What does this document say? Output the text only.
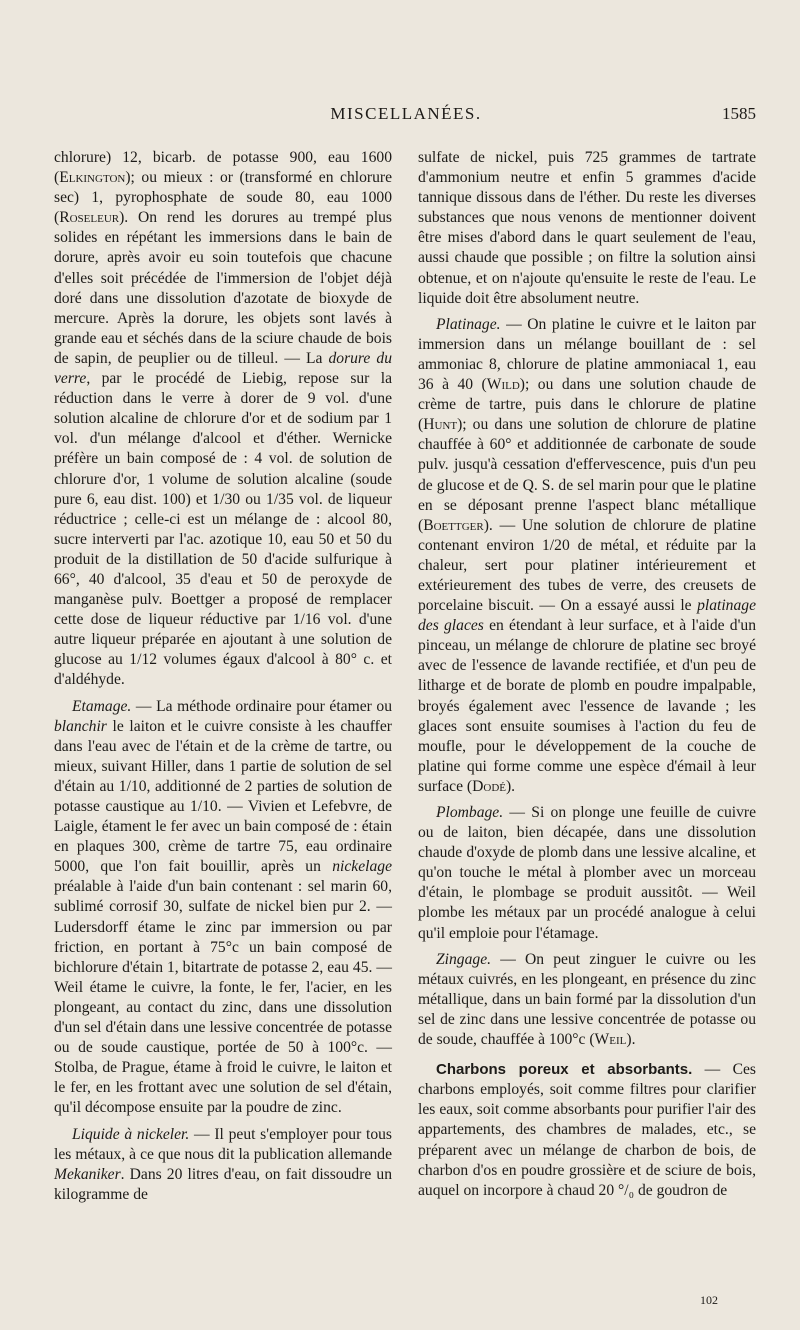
MISCELLANÉES.	1585

chlorure) 12, bicarb. de potasse 900, eau 1600 (Elkington); ou mieux : or (transformé en chlorure sec) 1, pyrophosphate de soude 80, eau 1000 (Roseleur). On rend les dorures au trempé plus solides en répétant les immersions dans le bain de dorure, après avoir eu soin toutefois que chacune d'elles soit précédée de l'immersion de l'objet déjà doré dans une dissolution d'azotate de bioxyde de mercure. Après la dorure, les objets sont lavés à grande eau et séchés dans de la sciure chaude de bois de sapin, de peuplier ou de tilleul. — La dorure du verre, par le procédé de Liebig, repose sur la réduction dans le verre à dorer de 9 vol. d'une solution alcaline de chlorure d'or et de sodium par 1 vol. d'un mélange d'alcool et d'éther. Wernicke préfère un bain composé de : 4 vol. de solution de chlorure d'or, 1 volume de solution alcaline (soude pure 6, eau dist. 100) et 1/30 ou 1/35 vol. de liqueur réductrice ; celle-ci est un mélange de : alcool 80, sucre interverti par l'ac. azotique 10, eau 50 et 50 du produit de la distillation de 50 d'acide sulfurique à 66°, 40 d'alcool, 35 d'eau et 50 de peroxyde de manganèse pulv. Boettger a proposé de remplacer cette dose de liqueur réductive par 1/16 vol. d'une autre liqueur préparée en ajoutant à une solution de glucose au 1/12 volumes égaux d'alcool à 80° c. et d'aldéhyde.

Etamage. — La méthode ordinaire pour étamer ou blanchir le laiton et le cuivre consiste à les chauffer dans l'eau avec de l'étain et de la crème de tartre, ou mieux, suivant Hiller, dans 1 partie de solution de sel d'étain au 1/10, additionné de 2 parties de solution de potasse caustique au 1/10. — Vivien et Lefebvre, de Laigle, étament le fer avec un bain composé de : étain en plaques 300, crème de tartre 75, eau ordinaire 5000, que l'on fait bouillir, après un nickelage préalable à l'aide d'un bain contenant : sel marin 60, sublimé corrosif 30, sulfate de nickel bien pur 2. — Ludersdorff étame le zinc par immersion ou par friction, en portant à 75°c un bain composé de bichlorure d'étain 1, bitartrate de potasse 2, eau 45. — Weil étame le cuivre, la fonte, le fer, l'acier, en les plongeant, au contact du zinc, dans une dissolution d'un sel d'étain dans une lessive concentrée de potasse ou de soude caustique, portée de 50 à 100°c. — Stolba, de Prague, étame à froid le cuivre, le laiton et le fer, en les frottant avec une solution de sel d'étain, qu'il décompose ensuite par la poudre de zinc.

Liquide à nickeler. — Il peut s'employer pour tous les métaux, à ce que nous dit la publication allemande Mekaniker. Dans 20 litres d'eau, on fait dissoudre un kilogramme de

sulfate de nickel, puis 725 grammes de tartrate d'ammonium neutre et enfin 5 grammes d'acide tannique dissous dans de l'éther. Du reste les diverses substances que nous venons de mentionner doivent être mises d'abord dans le quart seulement de l'eau, aussi chaude que possible ; on filtre la solution ainsi obtenue, et on n'ajoute qu'ensuite le reste de l'eau. Le liquide doit être absolument neutre.

Platinage. — On platine le cuivre et le laiton par immersion dans un mélange bouillant de : sel ammoniac 8, chlorure de platine ammoniacal 1, eau 36 à 40 (Wild); ou dans une solution chaude de crème de tartre, puis dans le chlorure de platine (Hunt); ou dans une solution de chlorure de platine chauffée à 60° et additionnée de carbonate de soude pulv. jusqu'à cessation d'effervescence, puis d'un peu de glucose et de Q. S. de sel marin pour que le platine en se déposant prenne l'aspect blanc métallique (Boettger). — Une solution de chlorure de platine contenant environ 1/20 de métal, et réduite par la chaleur, sert pour platiner intérieurement et extérieurement des tubes de verre, des creusets de porcelaine biscuit. — On a essayé aussi le platinage des glaces en étendant à leur surface, et à l'aide d'un pinceau, un mélange de chlorure de platine sec broyé avec de l'essence de lavande rectifiée, et d'un peu de litharge et de borate de plomb en poudre impalpable, broyés également avec l'essence de lavande ; les glaces sont ensuite soumises à l'action du feu de moufle, pour le développement de la couche de platine qui forme comme une espèce d'émail à leur surface (Dodé).

Plombage. — Si on plonge une feuille de cuivre ou de laiton, bien décapée, dans une dissolution chaude d'oxyde de plomb dans une lessive alcaline, et qu'on touche le métal à plomber avec un morceau d'étain, le plombage se produit aussitôt. — Weil plombe les métaux par un procédé analogue à celui qu'il emploie pour l'étamage.

Zingage. — On peut zinguer le cuivre ou les métaux cuivrés, en les plongeant, en présence du zinc métallique, dans un bain formé par la dissolution d'un sel de zinc dans une lessive concentrée de potasse ou de soude, chauffée à 100°c (Weil).

Charbons poreux et absorbants. — Ces charbons employés, soit comme filtres pour clarifier les eaux, soit comme absorbants pour purifier l'air des appartements, des chambres de malades, etc., se préparent avec un mélange de charbon de bois, de charbon d'os en poudre grossière et de sciure de bois, auquel on incorpore à chaud 20 °/₀ de goudron de

102
